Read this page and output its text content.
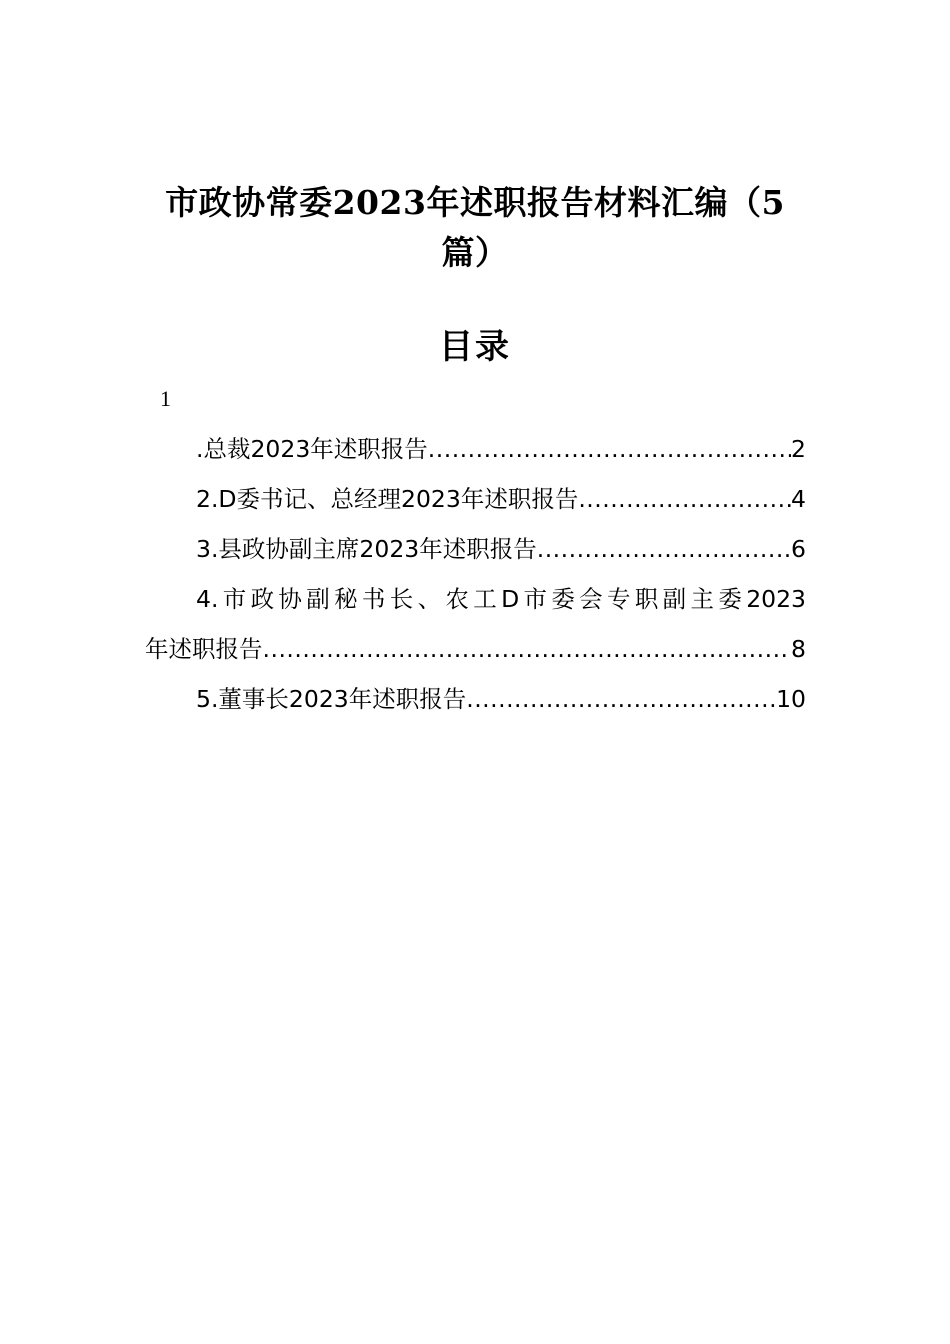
市政协常委2023年述职报告材料汇编（5篇）
目录
1
.总裁2023年述职报告 .....	2
2.D委书记、总经理2023年述职报告 .....	4
3.县政协副主席2023年述职报告 .....	6
4.市政协副秘书长、农工D市委会专职副主委2023
年述职报告 .....	8
5.董事长2023年述职报告 .....	10
